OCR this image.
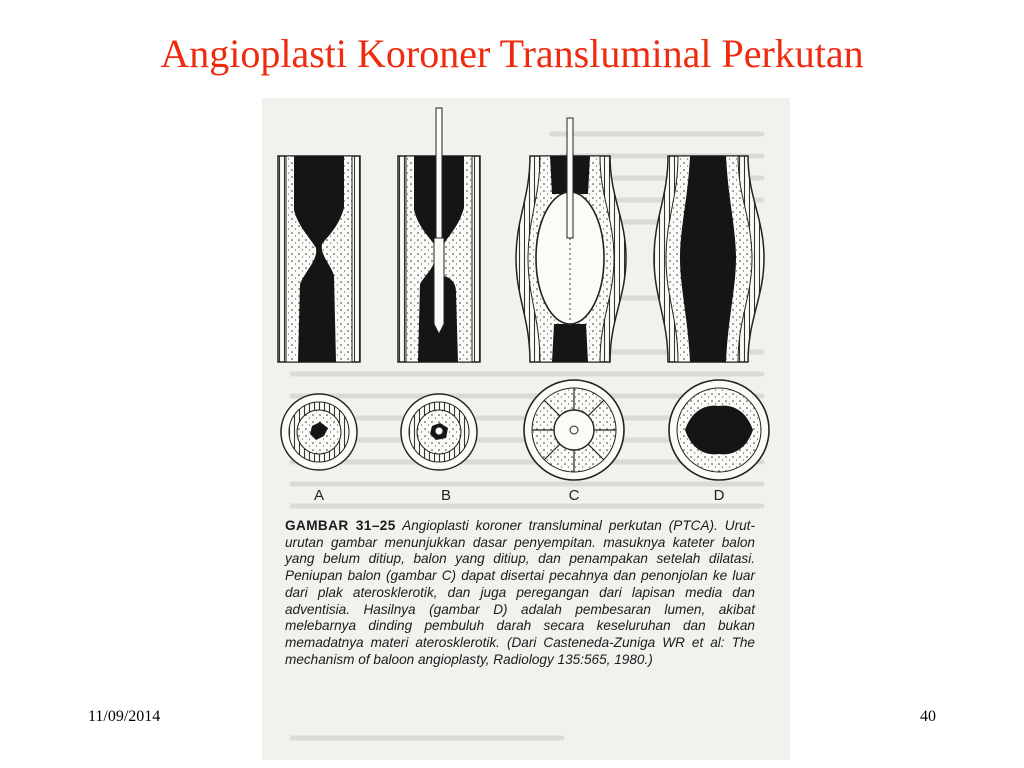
Angioplasti Koroner Transluminal Perkutan
A	B	C	D
GAMBAR 31–25 Angioplasti koroner transluminal perkutan (PTCA). Urut-urutan gambar menunjukkan dasar penyempitan. masuknya kateter balon yang belum ditiup, balon yang ditiup, dan penampakan setelah dilatasi. Peniupan balon (gambar C) dapat disertai pecahnya dan penonjolan ke luar dari plak aterosklerotik, dan juga peregangan dari lapisan media dan adventisia. Hasilnya (gambar D) adalah pembesaran lumen, akibat melebarnya dinding pembuluh darah secara keseluruhan dan bukan memadatnya materi aterosklerotik. (Dari Casteneda-Zuniga WR et al: The mechanism of baloon angioplasty, Radiology 135:565, 1980.)
11/09/2014	40
